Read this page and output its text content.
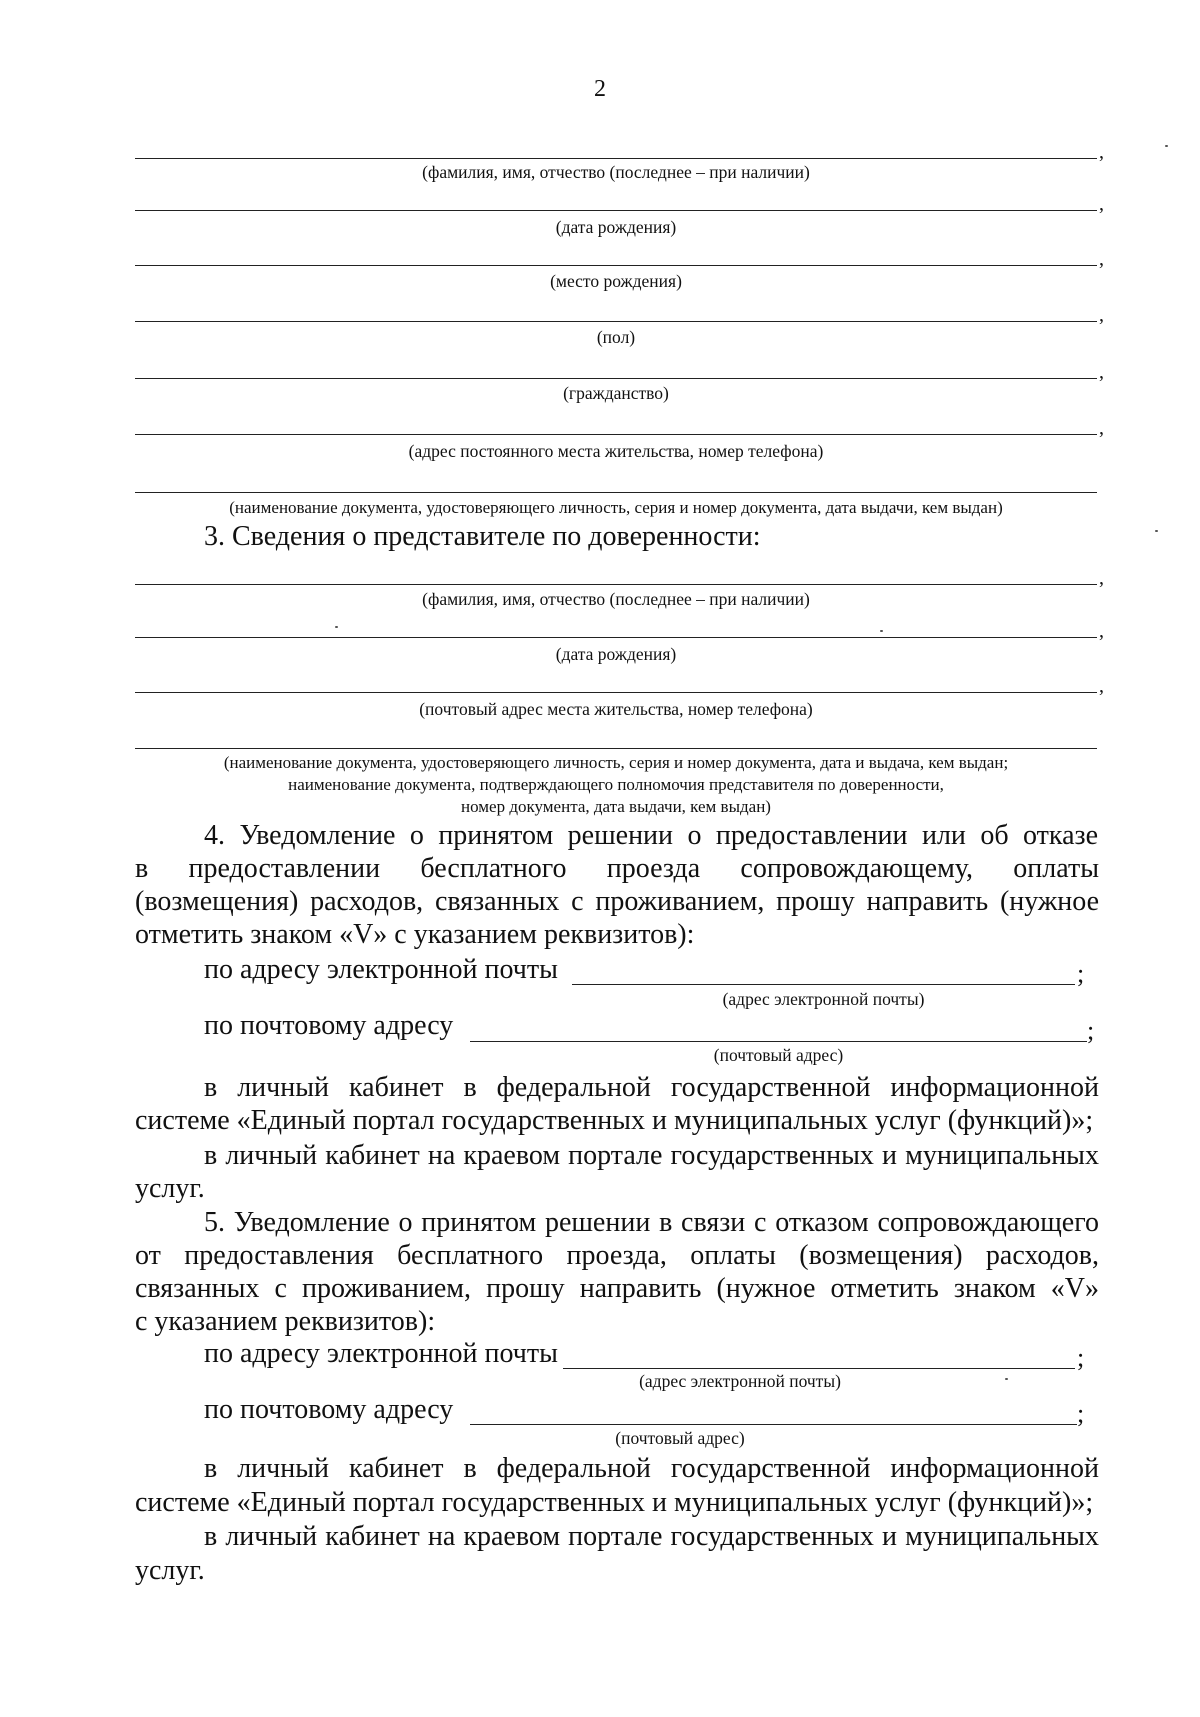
2
,
(фамилия, имя, отчество (последнее – при наличии)
,
(дата рождения)
,
(место рождения)
,
(пол)
,
(гражданство)
,
(адрес постоянного места жительства, номер телефона)
(наименование документа, удостоверяющего личность, серия и номер документа, дата выдачи, кем выдан)
3. Сведения о представителе по доверенности:
,
(фамилия, имя, отчество (последнее – при наличии)
,
(дата рождения)
,
(почтовый адрес места жительства, номер телефона)
(наименование документа, удостоверяющего личность, серия и номер документа, дата и выдача, кем выдан;
наименование документа, подтверждающего полномочия представителя по доверенности,
номер документа, дата выдачи, кем выдан)
4. Уведомление о принятом решении о предоставлении или об отказе
в предоставлении бесплатного проезда сопровождающему, оплаты
(возмещения) расходов, связанных с проживанием, прошу направить (нужное
отметить знаком «V» с указанием реквизитов):
по адресу электронной почты	;
(адрес электронной почты)
по почтовому адресу	;
(почтовый адрес)
в личный кабинет в федеральной государственной информационной
системе «Единый портал государственных и муниципальных услуг (функций)»;
в личный кабинет на краевом портале государственных и муниципальных
услуг.
5. Уведомление о принятом решении в связи с отказом сопровождающего
от предоставления бесплатного проезда, оплаты (возмещения) расходов,
связанных с проживанием, прошу направить (нужное отметить знаком «V»
с указанием реквизитов):
по адресу электронной почты	;
(адрес электронной почты)
по почтовому адресу	;
(почтовый адрес)
в личный кабинет в федеральной государственной информационной
системе «Единый портал государственных и муниципальных услуг (функций)»;
в личный кабинет на краевом портале государственных и муниципальных
услуг.
